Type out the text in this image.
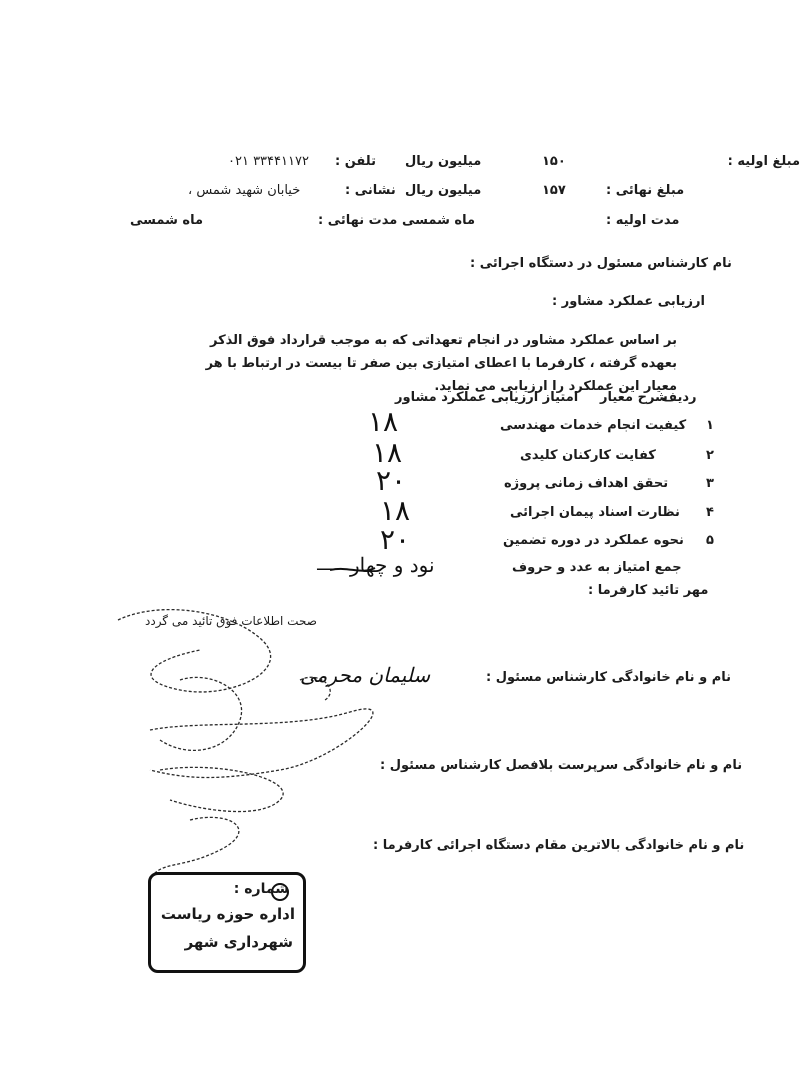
مبلغ اولیه :
۱۵۰
میلیون ریال
تلفن :
۰۲۱ ۳۳۴۴۱۱۷۲
مبلغ نهائی :
۱۵۷
میلیون ریال
نشانی :
خیابان شهید شمس ،
مدت اولیه :
ماه شمسی
مدت نهائی :
ماه شمسی
نام کارشناس مسئول در دستگاه اجرائی :
ارزیابی عملکرد مشاور :
بر اساس عملکرد مشاور در انجام تعهداتی که به موجب قرارداد فوق الذکر بعهده گرفته ، کارفرما با اعطای امتیازی بین صفر تا بیست در ارتباط با هر معیار این عملکرد را ارزیابی می نماید.
ردیف
شرح معیار
امتیاز ارزیابی عملکرد مشاور
۱
کیفیت انجام خدمات مهندسی
۱۸
۲
کفایت کارکنان کلیدی
۱۸
۳
تحقق اهداف زمانی پروژه
۲۰
۴
نظارت اسناد پیمان اجرائی
۱۸
۵
نحوه عملکرد در دوره تضمین
۲۰
جمع امتیاز به عدد و حروف
نود و چهار
—
مهر تائید کارفرما :
صحت اطلاعات فوق تائید می گردد
نام و نام خانوادگی کارشناس مسئول :
سلیمان محرمی
نام و نام خانوادگی سرپرست بلافصل کارشناس مسئول :
نام و نام خانوادگی بالاترین مقام دستگاه اجرائی کارفرما :
شماره :
اداره حوزه ریاست
شهرداری شهر
